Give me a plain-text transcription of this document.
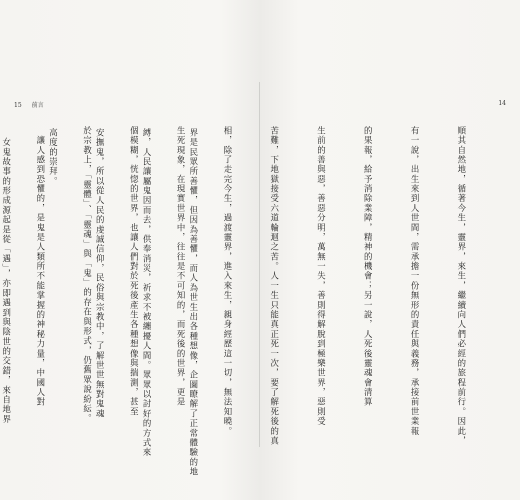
15 前言

界是民眾所善懼，但因為善懼，而人為世生出各種想像，企圖瞭解了正常體驗的地

縛，人民讓屬鬼因而去，供奉消災，祈求不被纏擾人間。眾眾以討好的方式來

安撫鬼，所以從人民的虔誠信仰，民俗與宗教中，了解世世無對鬼魂

高度的崇拜。

　女鬼故事的形成源起是從「遇」，亦即遇到與陰世的交錯，來自地界

14

順其自然地，循著今生，靈界，來生，繼續向人們必經的旅程前行。因此，

有一說，出生來到人世間，需承擔一份無形的責任與義務，承接前世業報

的果報，給予消除業障，精神的機會；另一說，人死後靈魂會清算

生前的善與惡，善惡分明，萬無一失，善則得解脫到極樂世界，惡則受

苦難，下地獄接受六道輪迴之苦。人一生只能真正死一次，要了解死後的真

相，除了走完今生，過渡靈界，進入來生，親身經歷這一切，無法知曉。

生死現象，在現實世界中，往往是不可知的，而死後的世界，更是

個模糊，恍惚的世界，也讓人們對於死後產生各種想像與揣測，甚至

於宗教上，「靈體」、「靈魂」與「鬼」的存在與形式，仍舊眾說紛紜。

　讓人感到恐懼的，是鬼是人類所不能掌握的神秘力量，中國人對
